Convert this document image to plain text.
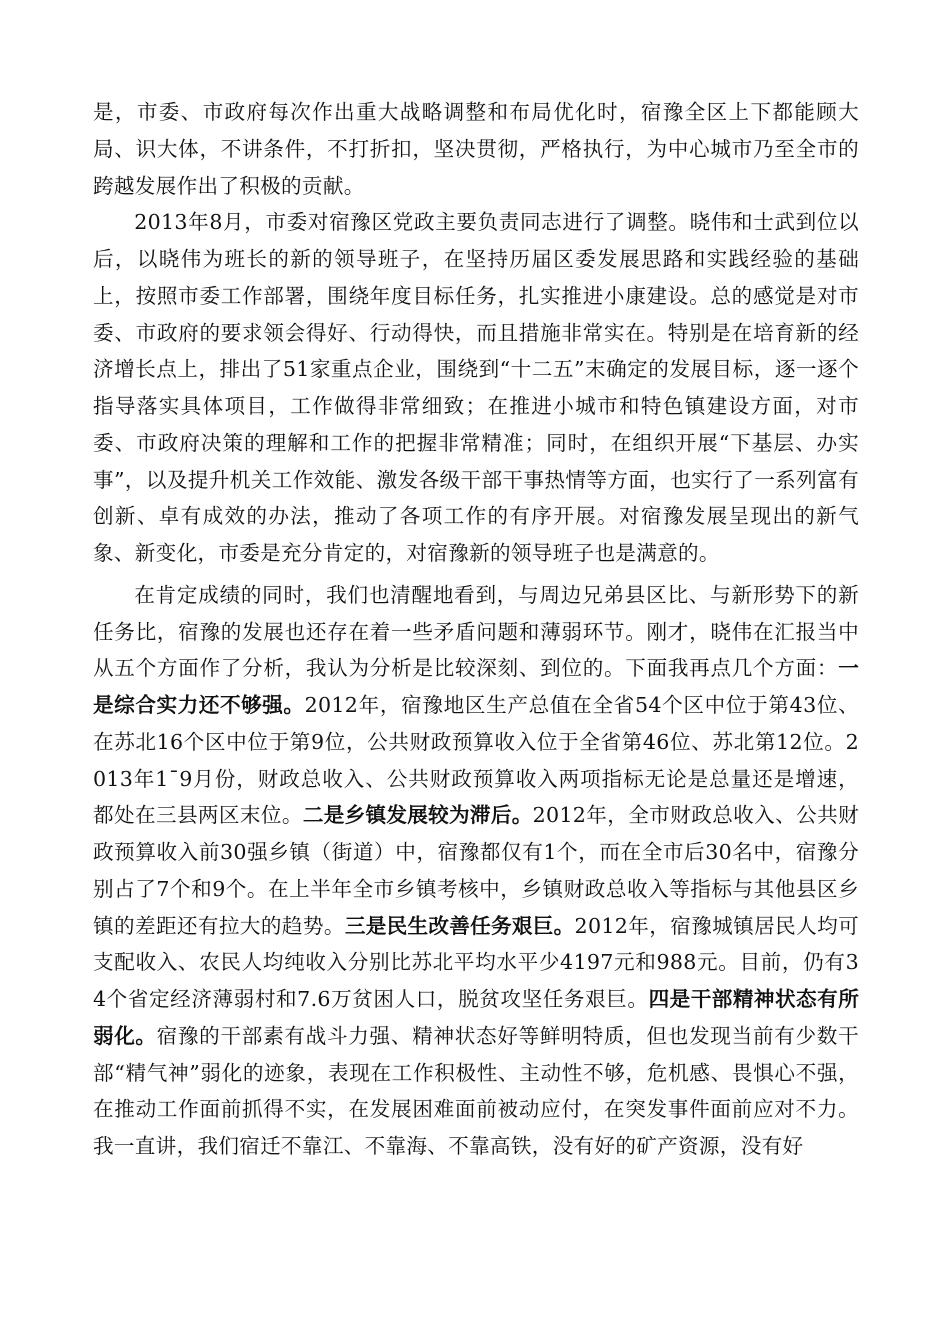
是，市委、市政府每次作出重大战略调整和布局优化时，宿豫全区上下都能顾大局、识大体，不讲条件，不打折扣，坚决贯彻，严格执行，为中心城市乃至全市的跨越发展作出了积极的贡献。

2013年8月，市委对宿豫区党政主要负责同志进行了调整。晓伟和士武到位以后，以晓伟为班长的新的领导班子，在坚持历届区委发展思路和实践经验的基础上，按照市委工作部署，围绕年度目标任务，扎实推进小康建设。总的感觉是对市委、市政府的要求领会得好、行动得快，而且措施非常实在。特别是在培育新的经济增长点上，排出了51家重点企业，围绕到“十二五”末确定的发展目标，逐一逐个指导落实具体项目，工作做得非常细致；在推进小城市和特色镇建设方面，对市委、市政府决策的理解和工作的把握非常精准；同时，在组织开展“下基层、办实事”，以及提升机关工作效能、激发各级干部干事热情等方面，也实行了一系列富有创新、卓有成效的办法，推动了各项工作的有序开展。对宿豫发展呈现出的新气象、新变化，市委是充分肯定的，对宿豫新的领导班子也是满意的。

在肯定成绩的同时，我们也清醒地看到，与周边兄弟县区比、与新形势下的新任务比，宿豫的发展也还存在着一些矛盾问题和薄弱环节。刚才，晓伟在汇报当中从五个方面作了分析，我认为分析是比较深刻、到位的。下面我再点几个方面：一是综合实力还不够强。2012年，宿豫地区生产总值在全省54个区中位于第43位、在苏北16个区中位于第9位，公共财政预算收入位于全省第46位、苏北第12位。2013年1¯9月份，财政总收入、公共财政预算收入两项指标无论是总量还是增速，都处在三县两区末位。二是乡镇发展较为滞后。2012年，全市财政总收入、公共财政预算收入前30强乡镇（街道）中，宿豫都仅有1个，而在全市后30名中，宿豫分别占了7个和9个。在上半年全市乡镇考核中，乡镇财政总收入等指标与其他县区乡镇的差距还有拉大的趋势。三是民生改善任务艰巨。2012年，宿豫城镇居民人均可支配收入、农民人均纯收入分别比苏北平均水平少4197元和988元。目前，仍有34个省定经济薄弱村和7.6万贫困人口，脱贫攻坚任务艰巨。四是干部精神状态有所弱化。宿豫的干部素有战斗力强、精神状态好等鲜明特质，但也发现当前有少数干部“精气神”弱化的迹象，表现在工作积极性、主动性不够，危机感、畏惧心不强，在推动工作面前抓得不实，在发展困难面前被动应付，在突发事件面前应对不力。我一直讲，我们宿迁不靠江、不靠海、不靠高铁，没有好的矿产资源，没有好
